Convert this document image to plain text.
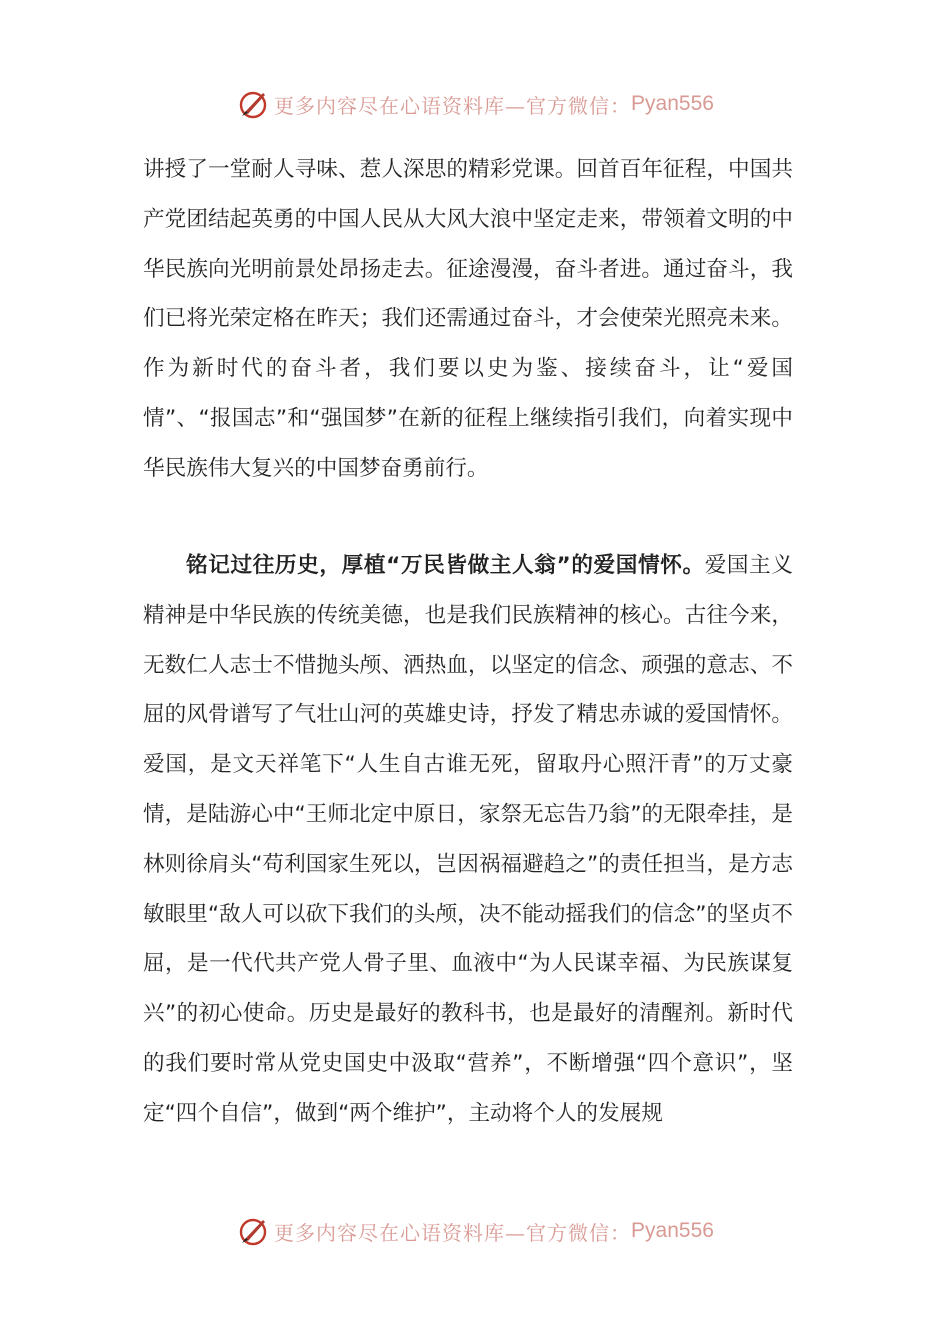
更多内容尽在心语资料库—官方微信： Pyan556

讲授了一堂耐人寻味、惹人深思的精彩党课。回首百年征程，中国共产党团结起英勇的中国人民从大风大浪中坚定走来，带领着文明的中华民族向光明前景处昂扬走去。征途漫漫，奋斗者进。通过奋斗，我们已将光荣定格在昨天；我们还需通过奋斗，才会使荣光照亮未来。作为新时代的奋斗者，我们要以史为鉴、接续奋斗，让“爱国情”、“报国志”和“强国梦”在新的征程上继续指引我们，向着实现中华民族伟大复兴的中国梦奋勇前行。

铭记过往历史，厚植“万民皆做主人翁”的爱国情怀。爱国主义精神是中华民族的传统美德，也是我们民族精神的核心。古往今来，无数仁人志士不惜抛头颅、洒热血，以坚定的信念、顽强的意志、不屈的风骨谱写了气壮山河的英雄史诗，抒发了精忠赤诚的爱国情怀。爱国，是文天祥笔下“人生自古谁无死，留取丹心照汗青”的万丈豪情，是陆游心中“王师北定中原日，家祭无忘告乃翁”的无限牵挂，是林则徐肩头“苟利国家生死以，岂因祸福避趋之”的责任担当，是方志敏眼里“敌人可以砍下我们的头颅，决不能动摇我们的信念”的坚贞不屈，是一代代共产党人骨子里、血液中“为人民谋幸福、为民族谋复兴”的初心使命。历史是最好的教科书，也是最好的清醒剂。新时代的我们要时常从党史国史中汲取“营养”，不断增强“四个意识”，坚定“四个自信”，做到“两个维护”，主动将个人的发展规

更多内容尽在心语资料库—官方微信： Pyan556
